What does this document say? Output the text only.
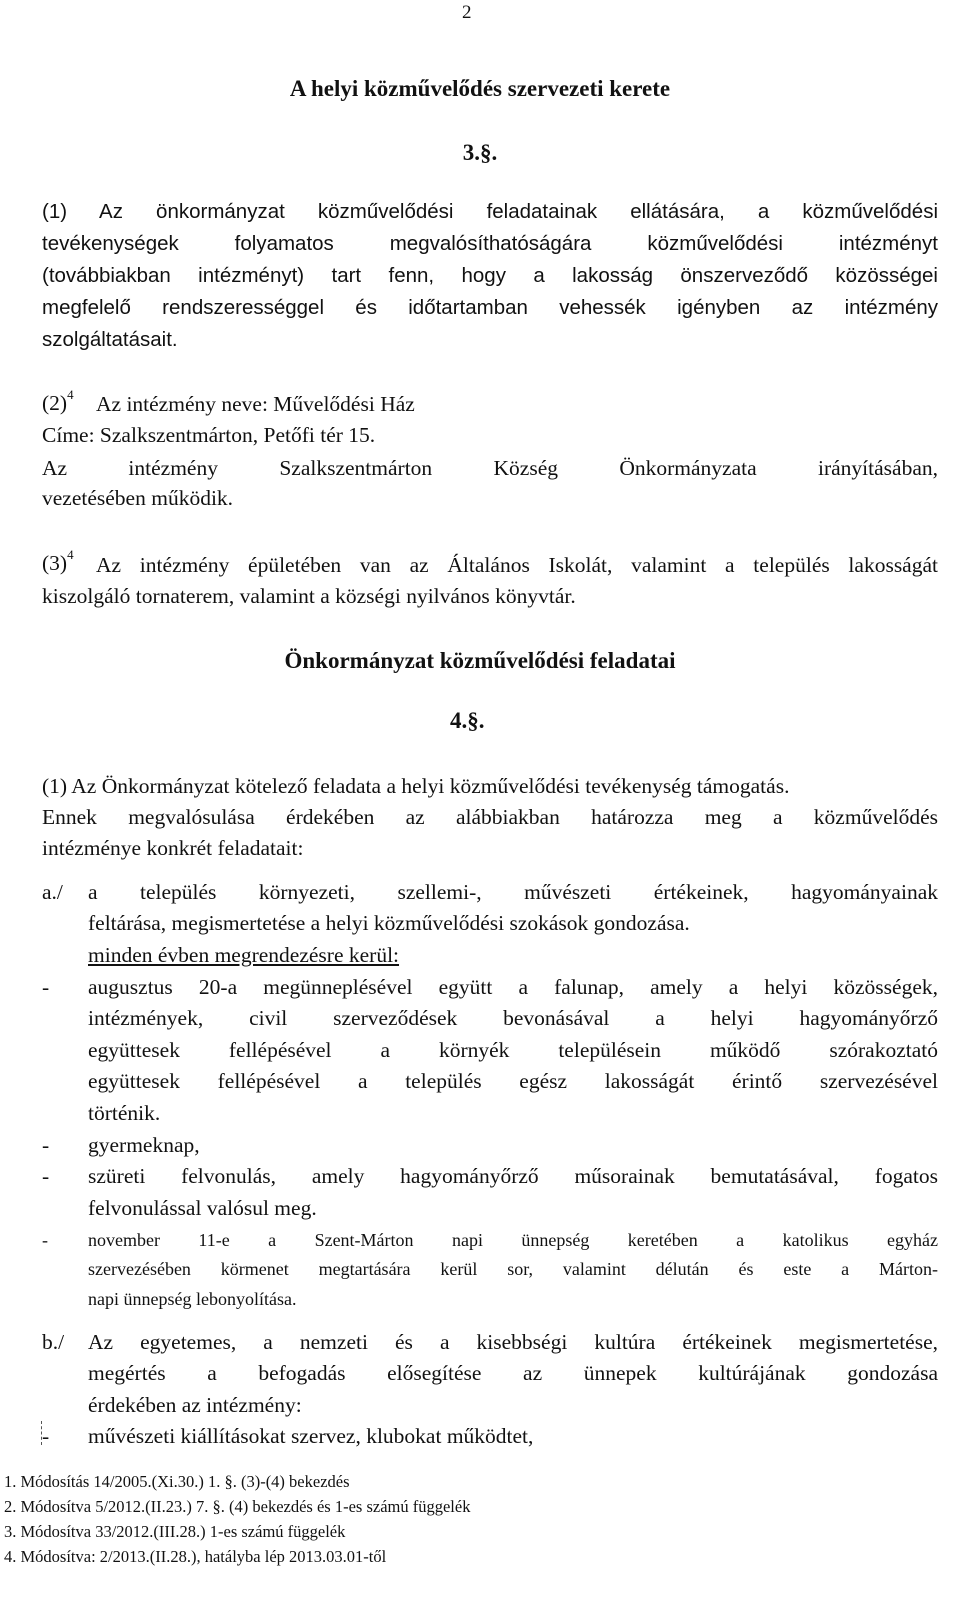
2
A helyi közművelődés szervezeti kerete
3.§.
(1) Az önkormányzat közművelődési feladatainak ellátására, a közművelődési
tevékenységek folyamatos megvalósíthatóságára közművelődési intézményt
(továbbiakban intézményt) tart fenn, hogy a lakosság önszerveződő közösségei
megfelelő rendszerességgel és időtartamban vehessék igényben az intézmény
szolgáltatásait.
$(2)^4$ Az intézmény neve: Művelődési Ház
Címe: Szalkszentmárton, Petőfi tér 15.
Az intézmény Szalkszentmárton Község Önkormányzata irányításában,
vezetésében működik.
$(3)^4$ Az intézmény épületében van az Általános Iskolát, valamint a település lakosságát
kiszolgáló tornaterem, valamint a községi nyilvános könyvtár.
Önkormányzat közművelődési feladatai
4.§.
(1) Az Önkormányzat kötelező feladata a helyi közművelődési tevékenység támogatás.
Ennek megvalósulása érdekében az alábbiakban határozza meg a közművelődés
intézménye konkrét feladatait:
a./ a település környezeti, szellemi-, művészeti értékeinek, hagyományainak
feltárása, megismertetése a helyi közművelődési szokások gondozása.
minden évben megrendezésre kerül:
- augusztus 20-a megünneplésével együtt a falunap, amely a helyi közösségek,
intézmények, civil szerveződések bevonásával a helyi hagyományőrző
együttesek fellépésével a környék településein működő szórakoztató
együttesek fellépésével a település egész lakosságát érintő szervezésével
történik.
- gyermeknap,
- szüreti felvonulás, amely hagyományőrző műsorainak bemutatásával, fogatos
felvonulással valósul meg.
- november 11-e a Szent-Márton napi ünnepség keretében a katolikus egyház
szervezésében körmenet megtartására kerül sor, valamint délután és este a Márton-
napi ünnepség lebonyolítása.
b./ Az egyetemes, a nemzeti és a kisebbségi kultúra értékeinek megismertetése,
megértés a befogadás elősegítése az ünnepek kultúrájának gondozása
érdekében az intézmény:
- művészeti kiállításokat szervez, klubokat működtet,
1. Módosítás 14/2005.(Xi.30.) 1. §. (3)-(4) bekezdés
2. Módosítva 5/2012.(II.23.) 7. §. (4) bekezdés és 1-es számú függelék
3. Módosítva 33/2012.(III.28.) 1-es számú függelék
4. Módosítva: 2/2013.(II.28.), hatályba lép 2013.03.01-től
